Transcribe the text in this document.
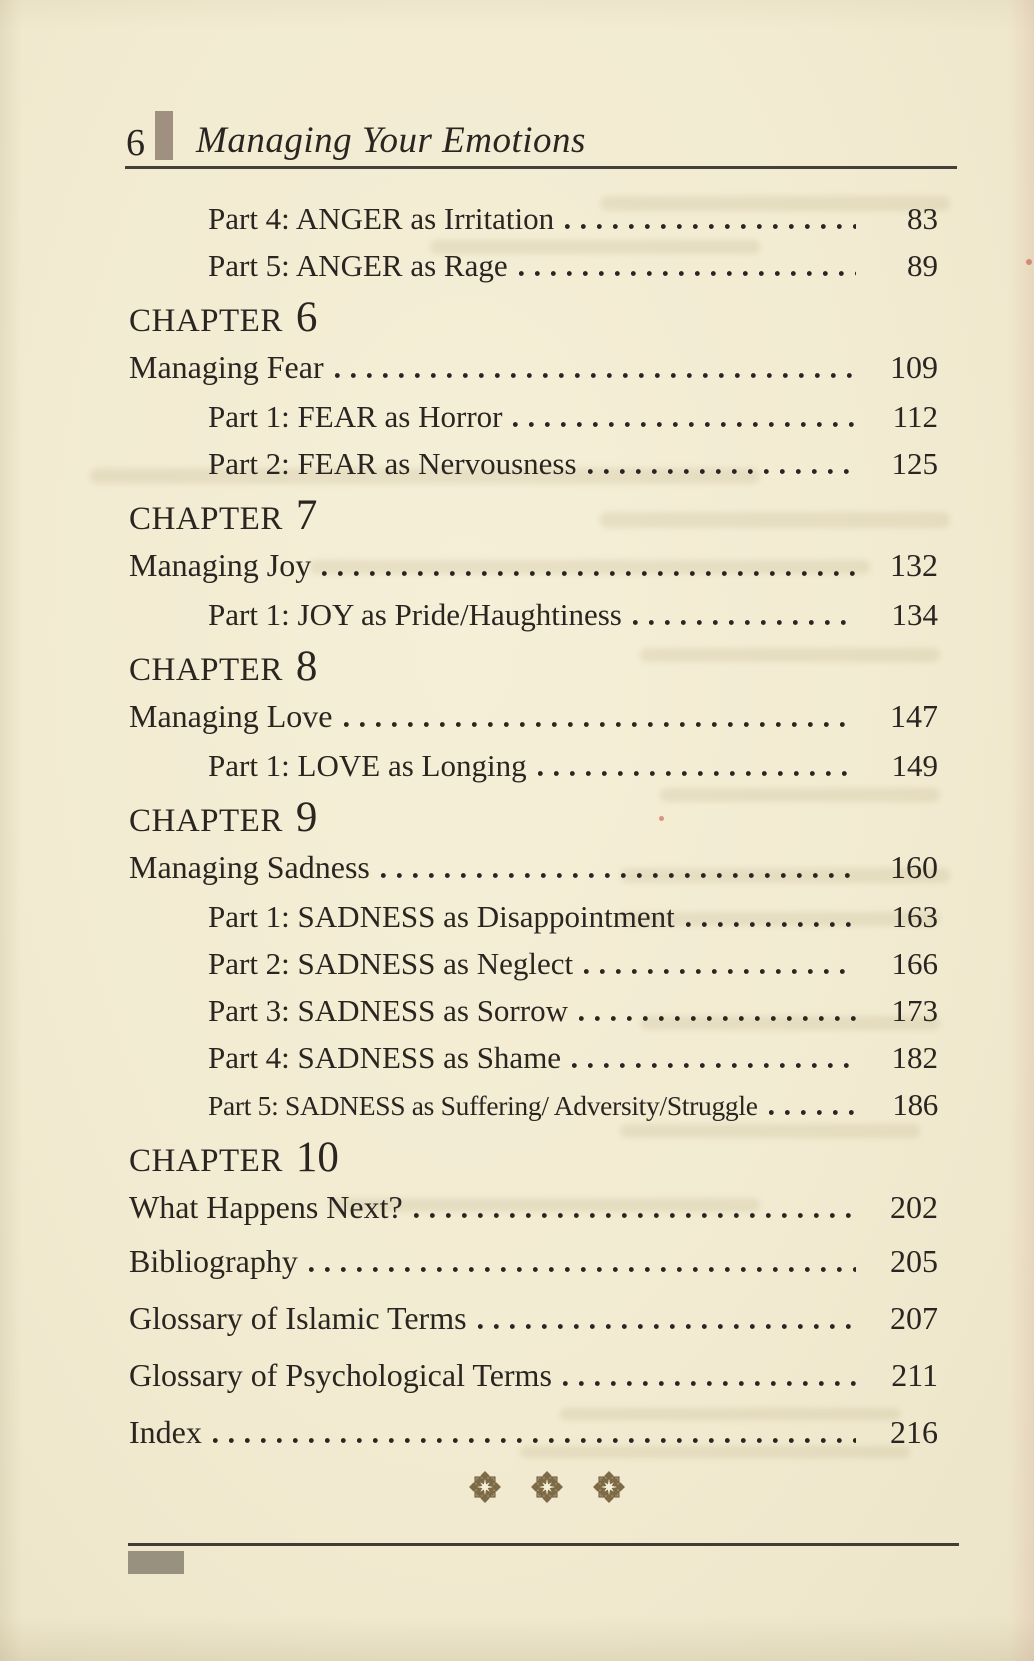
6 Managing Your Emotions
Part 4: ANGER as Irritation	83
Part 5: ANGER as Rage	89
CHAPTER 6
Managing Fear	109
Part 1: FEAR as Horror	112
Part 2: FEAR as Nervousness	125
CHAPTER 7
Managing Joy	132
Part 1: JOY as Pride/Haughtiness	134
CHAPTER 8
Managing Love	147
Part 1: LOVE as Longing	149
CHAPTER 9
Managing Sadness	160
Part 1: SADNESS as Disappointment	163
Part 2: SADNESS as Neglect	166
Part 3: SADNESS as Sorrow	173
Part 4: SADNESS as Shame	182
Part 5: SADNESS as Suffering/ Adversity/Struggle	186
CHAPTER 10
What Happens Next?	202
Bibliography	205
Glossary of Islamic Terms	207
Glossary of Psychological Terms	211
Index	216
